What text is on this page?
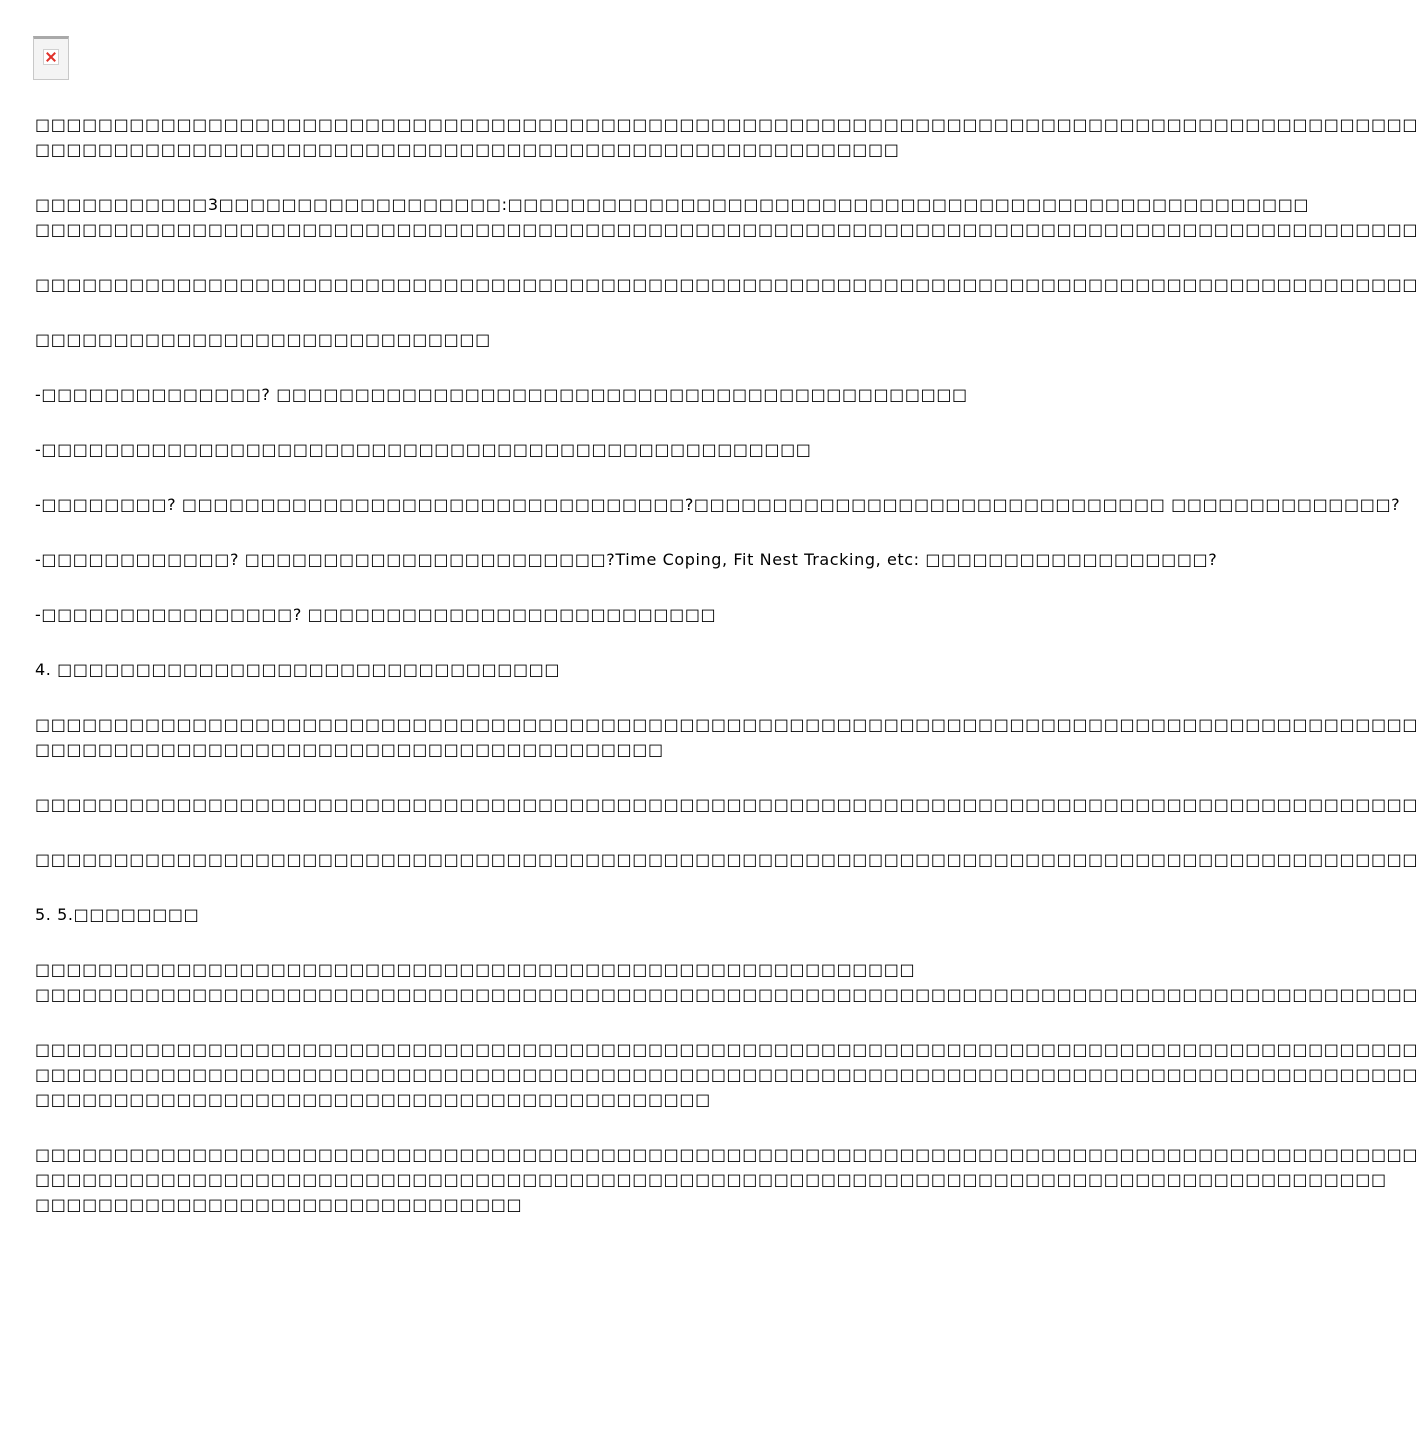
□□□□□□□□□□□□□□□□□□□□□□□□□□□□□□□□□□□□□□□□□□□□□□□□□□□□□□□□□□□□□□□□□□□□□□□□□□□□□□□□□□□□□□□□
□□□□□□□□□□□□□□□□□□□□□□□□□□□□□□□□□□□□□□□□□□□□□□□□□□□□□□□

□□□□□□□□□□□3□□□□□□□□□□□□□□□□□□:□□□□□□□□□□□□□□□□□□□□□□□□□□□□□□□□□□□□□□□□□□□□□□□□□□□
□□□□□□□□□□□□□□□□□□□□□□□□□□□□□□□□□□□□□□□□□□□□□□□□□□□□□□□□□□□□□□□□□□□□□□□□□□□□□□□□□□□□□□□□

□□□□□□□□□□□□□□□□□□□□□□□□□□□□□□□□□□□□□□□□□□□□□□□□□□□□□□□□□□□□□□□□□□□□□□□□□□□□□□□□□□□□□□□□

□□□□□□□□□□□□□□□□□□□□□□□□□□□□□

-□□□□□□□□□□□□□□? □□□□□□□□□□□□□□□□□□□□□□□□□□□□□□□□□□□□□□□□□□□□

-□□□□□□□□□□□□□□□□□□□□□□□□□□□□□□□□□□□□□□□□□□□□□□□□□

-□□□□□□□□? □□□□□□□□□□□□□□□□□□□□□□□□□□□□□□□□?□□□□□□□□□□□□□□□□□□□□□□□□□□□□□□ □□□□□□□□□□□□□□?

-□□□□□□□□□□□□? □□□□□□□□□□□□□□□□□□□□□□□?Time Coping, Fit Nest Tracking, etc: □□□□□□□□□□□□□□□□□□?

-□□□□□□□□□□□□□□□□? □□□□□□□□□□□□□□□□□□□□□□□□□□

4. □□□□□□□□□□□□□□□□□□□□□□□□□□□□□□□□

□□□□□□□□□□□□□□□□□□□□□□□□□□□□□□□□□□□□□□□□□□□□□□□□□□□□□□□□□□□□□□□□□□□□□□□□□□□□□□□□□□□□□□□□
□□□□□□□□□□□□□□□□□□□□□□□□□□□□□□□□□□□□□□□□

□□□□□□□□□□□□□□□□□□□□□□□□□□□□□□□□□□□□□□□□□□□□□□□□□□□□□□□□□□□□□□□□□□□□□□□□□□□□□□□□□□□□□□□□

□□□□□□□□□□□□□□□□□□□□□□□□□□□□□□□□□□□□□□□□□□□□□□□□□□□□□□□□□□□□□□□□□□□□□□□□□□□□□□□□□□□□□□□□

5. 5.□□□□□□□□

□□□□□□□□□□□□□□□□□□□□□□□□□□□□□□□□□□□□□□□□□□□□□□□□□□□□□□□□
□□□□□□□□□□□□□□□□□□□□□□□□□□□□□□□□□□□□□□□□□□□□□□□□□□□□□□□□□□□□□□□□□□□□□□□□□□□□□□□□□□□□□□□□

□□□□□□□□□□□□□□□□□□□□□□□□□□□□□□□□□□□□□□□□□□□□□□□□□□□□□□□□□□□□□□□□□□□□□□□□□□□□□□□□□□□□□□□□
□□□□□□□□□□□□□□□□□□□□□□□□□□□□□□□□□□□□□□□□□□□□□□□□□□□□□□□□□□□□□□□□□□□□□□□□□□□□□□□□□□□□□□□□
□□□□□□□□□□□□□□□□□□□□□□□□□□□□□□□□□□□□□□□□□□□

□□□□□□□□□□□□□□□□□□□□□□□□□□□□□□□□□□□□□□□□□□□□□□□□□□□□□□□□□□□□□□□□□□□□□□□□□□□□□□□□□□□□□□□□
□□□□□□□□□□□□□□□□□□□□□□□□□□□□□□□□□□□□□□□□□□□□□□□□□□□□□□□□□□□□□□□□□□□□□□□□□□□□□□□□□□□□□□
□□□□□□□□□□□□□□□□□□□□□□□□□□□□□□□
